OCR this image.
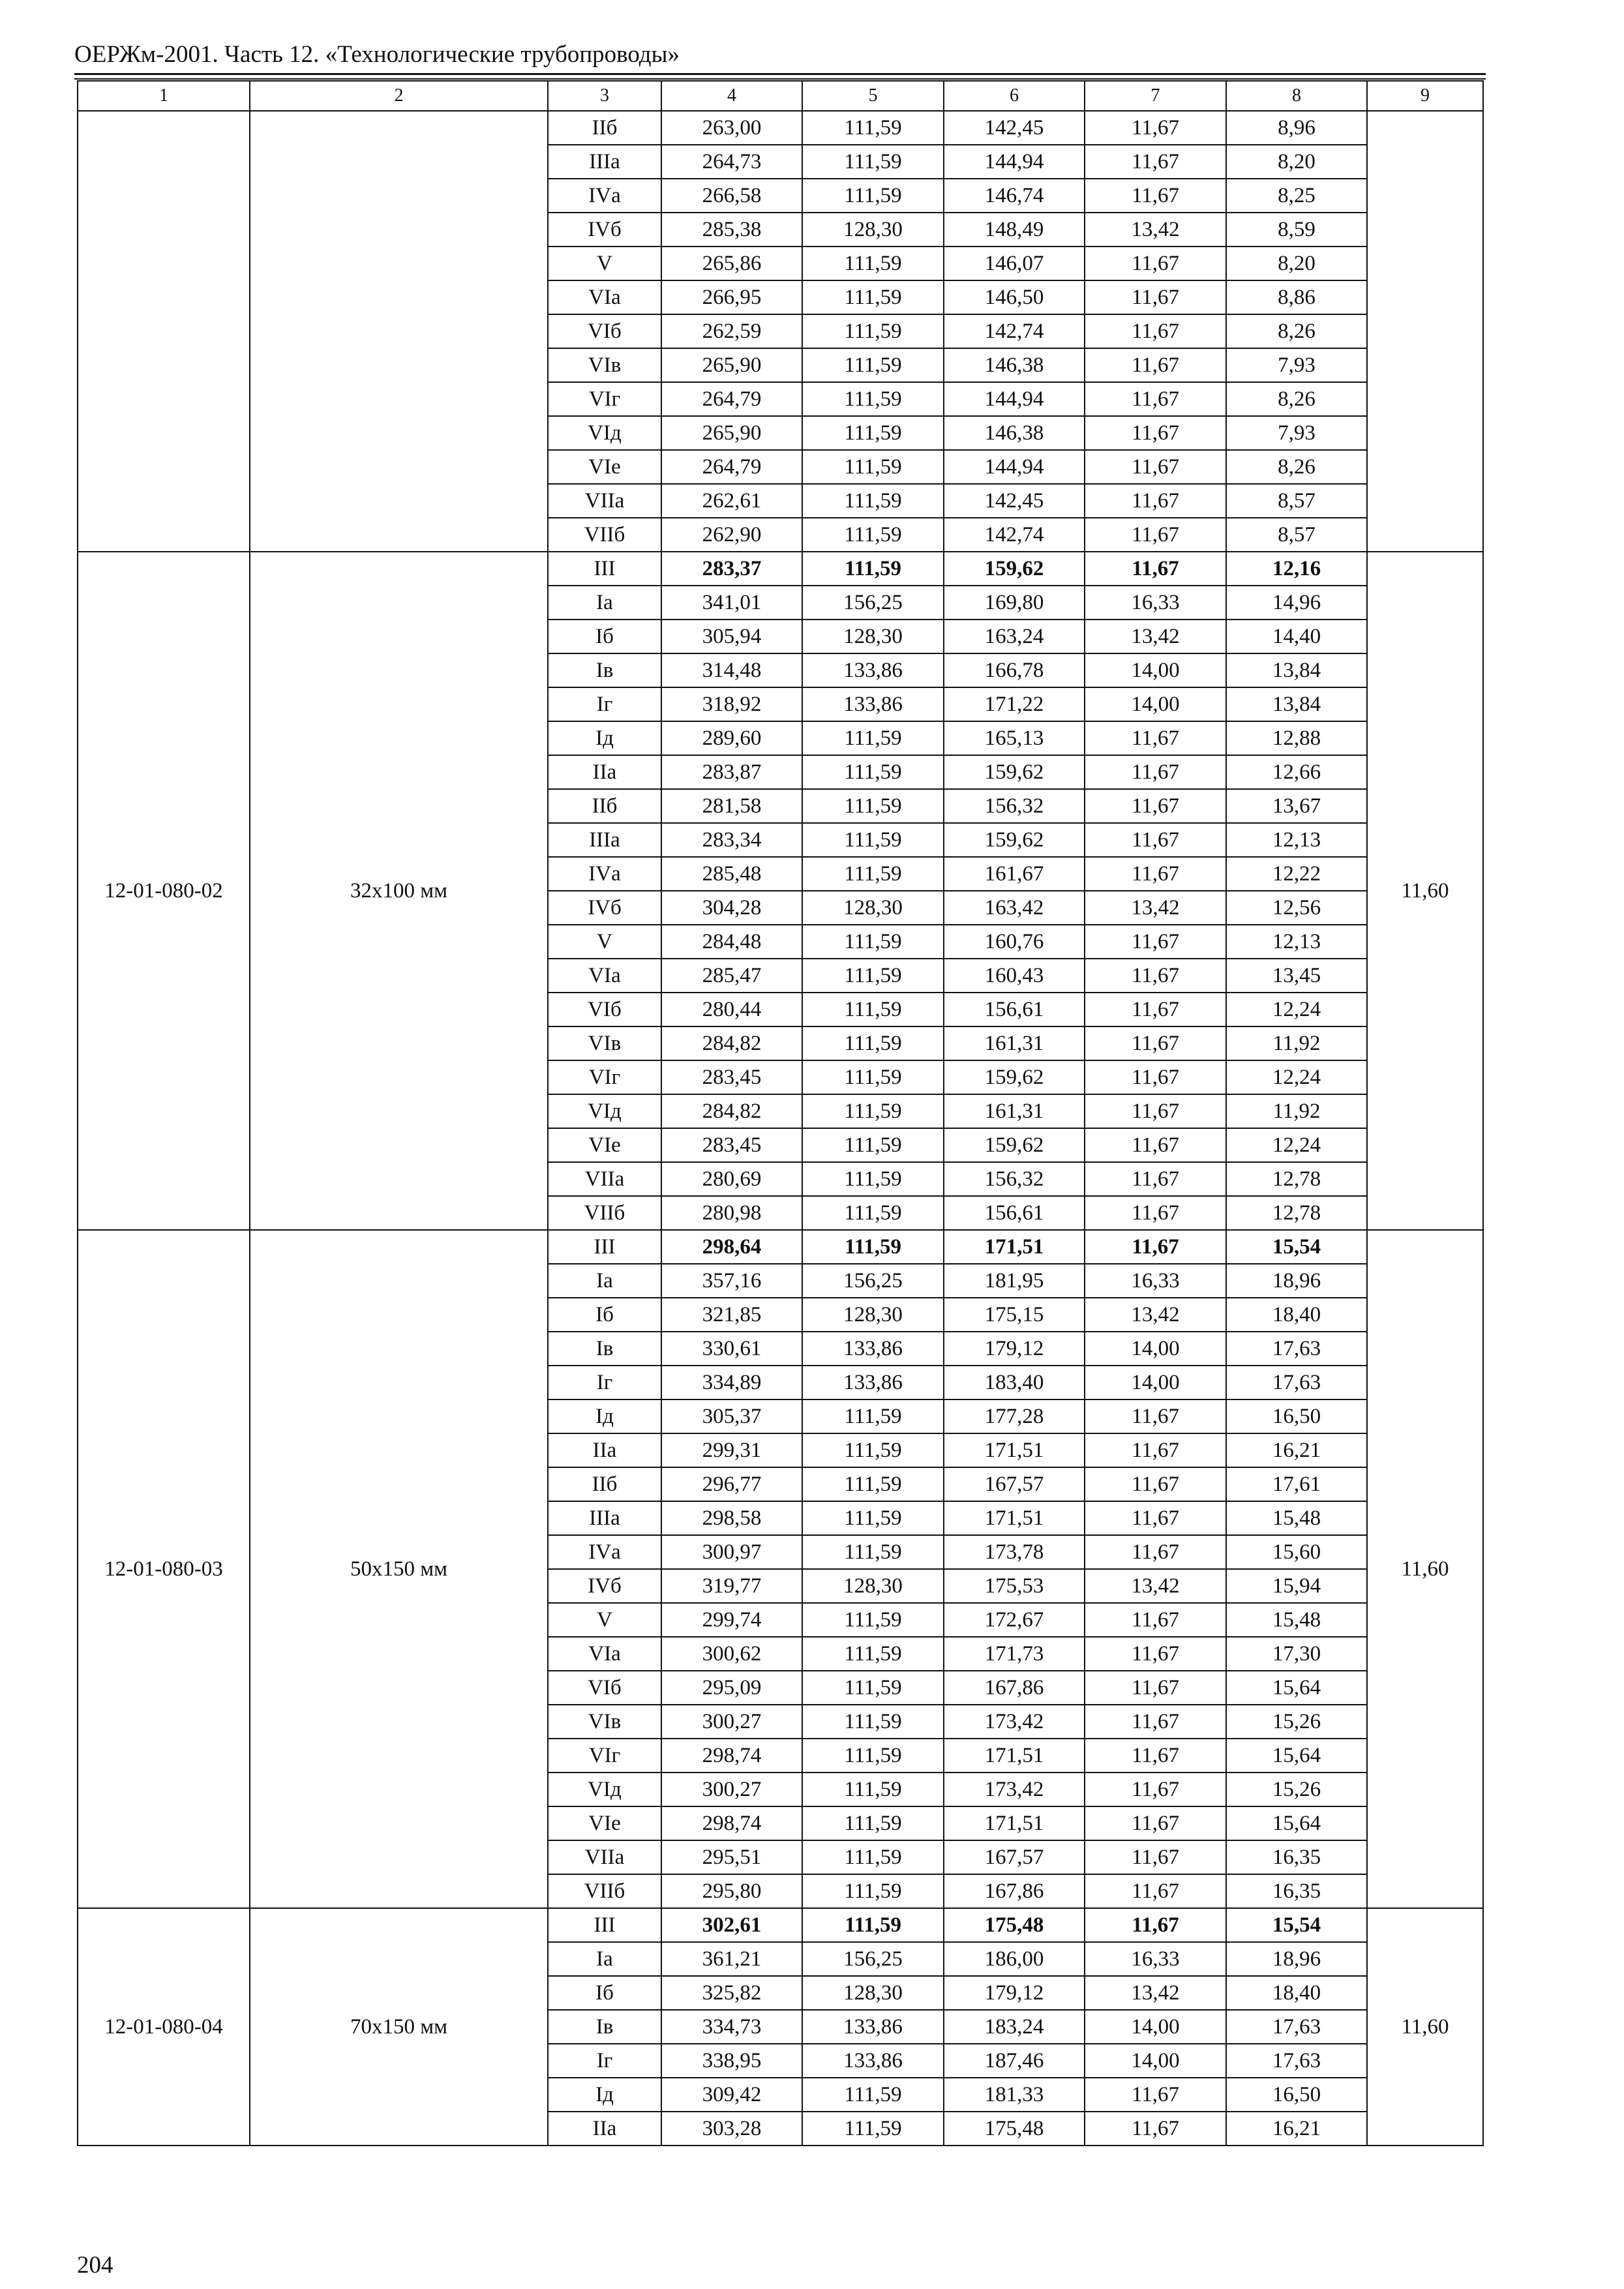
ОЕРЖм-2001. Часть 12. «Технологические трубопроводы»
1	2	3	4	5	6	7	8	9
		IIб	263,00	111,59	142,45	11,67	8,96	
		IIIа	264,73	111,59	144,94	11,67	8,20	
		IVа	266,58	111,59	146,74	11,67	8,25	
		IVб	285,38	128,30	148,49	13,42	8,59	
		V	265,86	111,59	146,07	11,67	8,20	
		VIа	266,95	111,59	146,50	11,67	8,86	
		VIб	262,59	111,59	142,74	11,67	8,26	
		VIв	265,90	111,59	146,38	11,67	7,93	
		VIг	264,79	111,59	144,94	11,67	8,26	
		VIд	265,90	111,59	146,38	11,67	7,93	
		VIе	264,79	111,59	144,94	11,67	8,26	
		VIIа	262,61	111,59	142,45	11,67	8,57	
		VIIб	262,90	111,59	142,74	11,67	8,57	
12-01-080-02	32x100 мм	III	283,37	111,59	159,62	11,67	12,16	11,60
		Iа	341,01	156,25	169,80	16,33	14,96	
		Iб	305,94	128,30	163,24	13,42	14,40	
		Iв	314,48	133,86	166,78	14,00	13,84	
		Iг	318,92	133,86	171,22	14,00	13,84	
		Iд	289,60	111,59	165,13	11,67	12,88	
		IIа	283,87	111,59	159,62	11,67	12,66	
		IIб	281,58	111,59	156,32	11,67	13,67	
		IIIа	283,34	111,59	159,62	11,67	12,13	
		IVа	285,48	111,59	161,67	11,67	12,22	
		IVб	304,28	128,30	163,42	13,42	12,56	
		V	284,48	111,59	160,76	11,67	12,13	
		VIа	285,47	111,59	160,43	11,67	13,45	
		VIб	280,44	111,59	156,61	11,67	12,24	
		VIв	284,82	111,59	161,31	11,67	11,92	
		VIг	283,45	111,59	159,62	11,67	12,24	
		VIд	284,82	111,59	161,31	11,67	11,92	
		VIе	283,45	111,59	159,62	11,67	12,24	
		VIIа	280,69	111,59	156,32	11,67	12,78	
		VIIб	280,98	111,59	156,61	11,67	12,78	
12-01-080-03	50x150 мм	III	298,64	111,59	171,51	11,67	15,54	11,60
		Iа	357,16	156,25	181,95	16,33	18,96	
		Iб	321,85	128,30	175,15	13,42	18,40	
		Iв	330,61	133,86	179,12	14,00	17,63	
		Iг	334,89	133,86	183,40	14,00	17,63	
		Iд	305,37	111,59	177,28	11,67	16,50	
		IIа	299,31	111,59	171,51	11,67	16,21	
		IIб	296,77	111,59	167,57	11,67	17,61	
		IIIа	298,58	111,59	171,51	11,67	15,48	
		IVа	300,97	111,59	173,78	11,67	15,60	
		IVб	319,77	128,30	175,53	13,42	15,94	
		V	299,74	111,59	172,67	11,67	15,48	
		VIа	300,62	111,59	171,73	11,67	17,30	
		VIб	295,09	111,59	167,86	11,67	15,64	
		VIв	300,27	111,59	173,42	11,67	15,26	
		VIг	298,74	111,59	171,51	11,67	15,64	
		VIд	300,27	111,59	173,42	11,67	15,26	
		VIе	298,74	111,59	171,51	11,67	15,64	
		VIIа	295,51	111,59	167,57	11,67	16,35	
		VIIб	295,80	111,59	167,86	11,67	16,35	
12-01-080-04	70x150 мм	III	302,61	111,59	175,48	11,67	15,54	11,60
		Iа	361,21	156,25	186,00	16,33	18,96	
		Iб	325,82	128,30	179,12	13,42	18,40	
		Iв	334,73	133,86	183,24	14,00	17,63	
		Iг	338,95	133,86	187,46	14,00	17,63	
		Iд	309,42	111,59	181,33	11,67	16,50	
		IIа	303,28	111,59	175,48	11,67	16,21	
204
